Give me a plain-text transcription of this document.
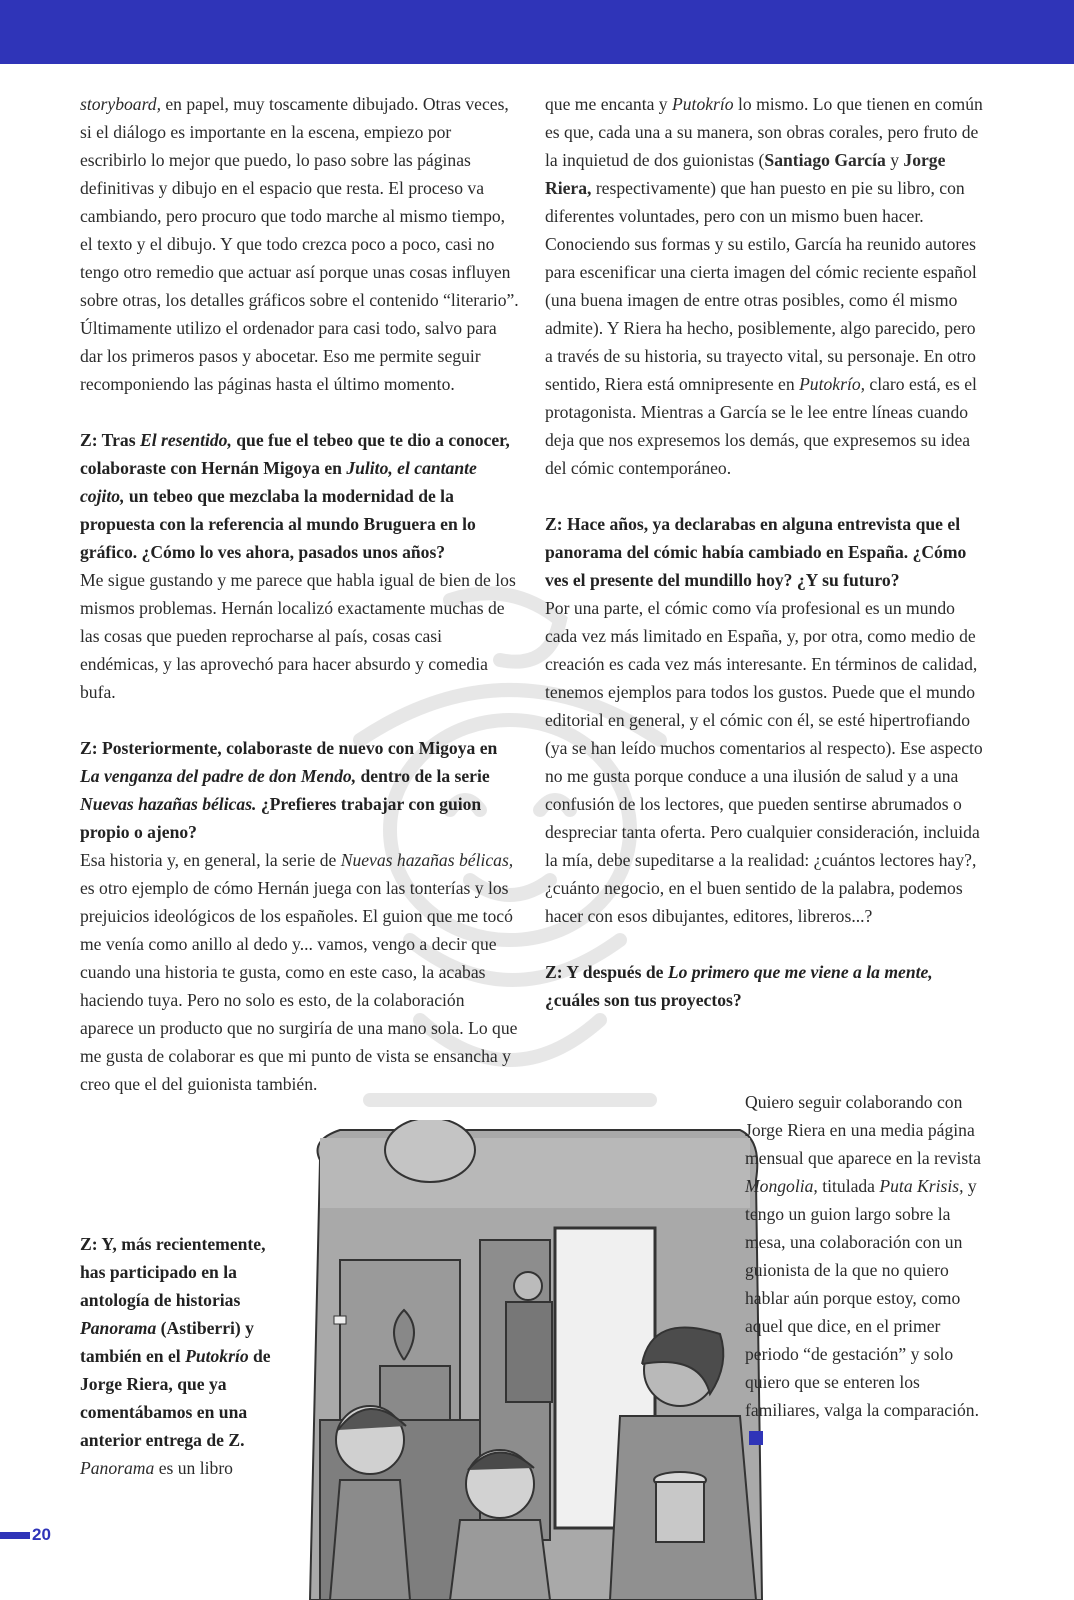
storyboard, en papel, muy toscamente dibujado. Otras veces, si el diálogo es importante en la escena, empiezo por escribirlo lo mejor que puedo, lo paso sobre las páginas definitivas y dibujo en el espacio que resta. El proceso va cambiando, pero procuro que todo marche al mismo tiempo, el texto y el dibujo. Y que todo crezca poco a poco, casi no tengo otro remedio que actuar así porque unas cosas influyen sobre otras, los detalles gráficos sobre el contenido “literario”. Últimamente utilizo el ordenador para casi todo, salvo para dar los primeros pasos y abocetar. Eso me permite seguir recomponiendo las páginas hasta el último momento.

Z: Tras El resentido, que fue el tebeo que te dio a conocer, colaboraste con Hernán Migoya en Julito, el cantante cojito, un tebeo que mezclaba la modernidad de la propuesta con la referencia al mundo Bruguera en lo gráfico. ¿Cómo lo ves ahora, pasados unos años?

Me sigue gustando y me parece que habla igual de bien de los mismos problemas. Hernán localizó exactamente muchas de las cosas que pueden reprocharse al país, cosas casi endémicas, y las aprovechó para hacer absurdo y comedia bufa.

Z: Posteriormente, colaboraste de nuevo con Migoya en La venganza del padre de don Mendo, dentro de la serie Nuevas hazañas bélicas. ¿Prefieres trabajar con guion propio o ajeno?

Esa historia y, en general, la serie de Nuevas hazañas bélicas, es otro ejemplo de cómo Hernán juega con las tonterías y los prejuicios ideológicos de los españoles. El guion que me tocó me venía como anillo al dedo y... vamos, vengo a decir que cuando una historia te gusta, como en este caso, la acabas haciendo tuya. Pero no solo es esto, de la colaboración aparece un producto que no surgiría de una mano sola. Lo que me gusta de colaborar es que mi punto de vista se ensancha y creo que el del guionista también.

Z: Y, más recientemente, has participado en la antología de historias Panorama (Astiberri) y también en el Putokrío de Jorge Riera, que ya comentábamos en una anterior entrega de Z.

Panorama es un libro

que me encanta y Putokrío lo mismo. Lo que tienen en común es que, cada una a su manera, son obras corales, pero fruto de la inquietud de dos guionistas (Santiago García y Jorge Riera, respectivamente) que han puesto en pie su libro, con diferentes voluntades, pero con un mismo buen hacer. Conociendo sus formas y su estilo, García ha reunido autores para escenificar una cierta imagen del cómic reciente español (una buena imagen de entre otras posibles, como él mismo admite). Y Riera ha hecho, posiblemente, algo parecido, pero a través de su historia, su trayecto vital, su personaje. En otro sentido, Riera está omnipresente en Putokrío, claro está, es el protagonista. Mientras a García se le lee entre líneas cuando deja que nos expresemos los demás, que expresemos su idea del cómic contemporáneo.

Z: Hace años, ya declarabas en alguna entrevista que el panorama del cómic había cambiado en España. ¿Cómo ves el presente del mundillo hoy? ¿Y su futuro?

Por una parte, el cómic como vía profesional es un mundo cada vez más limitado en España, y, por otra, como medio de creación es cada vez más interesante. En términos de calidad, tenemos ejemplos para todos los gustos. Puede que el mundo editorial en general, y el cómic con él, se esté hipertrofiando (ya se han leído muchos comentarios al respecto). Ese aspecto no me gusta porque conduce a una ilusión de salud y a una confusión de los lectores, que pueden sentirse abrumados o despreciar tanta oferta. Pero cualquier consideración, incluida la mía, debe supeditarse a la realidad: ¿cuántos lectores hay?, ¿cuánto negocio, en el buen sentido de la palabra, podemos hacer con esos dibujantes, editores, libreros...?

Z: Y después de Lo primero que me viene a la mente, ¿cuáles son tus proyectos?

Quiero seguir colaborando con Jorge Riera en una media página mensual que aparece en la revista Mongolia, titulada Puta Krisis, y tengo un guion largo sobre la mesa, una colaboración con un guionista de la que no quiero hablar aún porque estoy, como aquel que dice, en el primer periodo “de gestación” y solo quiero que se enteren los familiares, valga la comparación.

20
